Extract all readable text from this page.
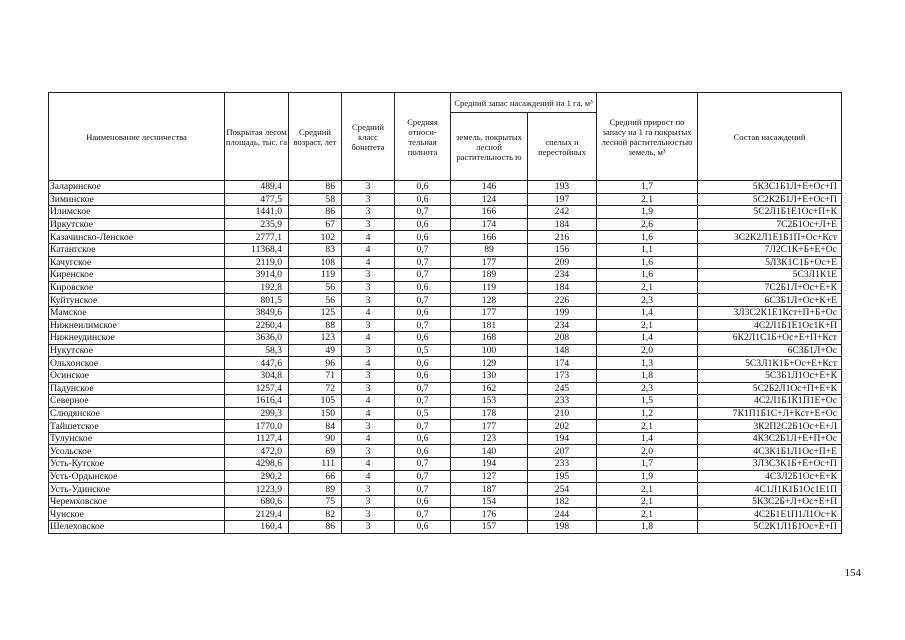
Наименование лесничества	Покрытая лесом площадь, тыс. га	Средний возраст, лет	Средний класс бонитета	Средняя относи-тельная полнота	Средний запас насаждений на 1 га, м³		Средний прирост по запасу на 1 га покрытых лесной растительностью земель, м³	Состав насаждений
					земель, покрытых лесной растительность ю	спелых и перестойных		
Заларинское	489,4	86	3	0,6	146	193	1,7	5К3С1Б1Л+Е+Ос+П
Зиминское	477,5	58	3	0,6	124	197	2,1	5С2К2Б1Л+Е+Ос+П
Илимское	1441,0	86	3	0,7	166	242	1,9	5С2Л1Б1Е1Ос+П+К
Иркутское	235,9	67	3	0,6	174	184	2,6	7С2Б1Ос+Л+Е
Казачинско-Ленское	2777,1	102	4	0,6	166	216	1,6	3С2К2Л1Е1Б1П+Ос+Кст
Катангское	11368,4	83	4	0,7	89	156	1,1	7Л2С1К+Б+Е+Ос
Качугское	2119,0	108	4	0,7	177	209	1,6	5Л3К1С1Б+Ос+Е
Киренское	3914,0	119	3	0,7	189	234	1,6	5С3Л1К1Е
Кировское	192,8	56	3	0,6	119	184	2,1	7С2Б1Л+Ос+Е+К
Куйтунское	801,5	56	3	0,7	128	226	2,3	6С3Б1Л+Ос+К+Е
Мамское	3849,6	125	4	0,6	177	199	1,4	3Л3С2К1Е1Кст+П+Б+Ос
Нижнеилимское	2260,4	88	3	0,7	181	234	2,1	4С2Л1Б1Е1Ос1К+П
Нижнеудинское	3636,0	123	4	0,6	168	208	1,4	6К2Л1С1Б+Ос+Е+П+Кст
Нукутское	58,3	49	3	0,5	100	148	2,0	6С3Б1Л+Ос
Ольхонское	447,6	96	4	0,6	129	174	1,3	5С3Л1К1Б+Ос+Е+Кст
Осинское	304,8	71	3	0,6	130	173	1,8	5С3Б1Л1Ос+Е+К
Падунское	1257,4	72	3	0,7	162	245	2,3	5С2Б2Л1Ос+П+Е+К
Северное	1616,4	105	4	0,7	153	233	1,5	4С2Л1Б1К1П1Е+Ос
Слюдянское	299,3	150	4	0,5	178	210	1,2	7К1П1Б1С+Л+Кст+Е+Ос
Тайшетское	1770,0	84	3	0,7	177	202	2,1	3К2П2С2Б1Ос+Е+Л
Тулунское	1127,4	90	4	0,6	123	194	1,4	4К3С2Б1Л+Е+П+Ос
Усольское	472,0	69	3	0,6	140	207	2,0	4С3К1Б1Л1Ос+П+Е
Усть-Кутское	4298,6	111	4	0,7	194	233	1,7	3Л3С3К1Б+Е+Ос+П
Усть-Ордынское	290,2	66	4	0,7	127	195	1,9	4С3Л2Б1Ос+Е+К
Усть-Удинское	1223,9	89	3	0,7	187	254	2,1	4С1Л1К1Б1Ос1Е1П
Черемховское	680,6	75	3	0,6	154	182	2,1	5К3С2Б+Л+Ос+Е+П
Чунское	2129,4	82	3	0,7	176	244	2,1	4С2Б1Е1П1Л1Ос+К
Шелеховское	160,4	86	3	0,6	157	198	1,8	5С2К1Л1Б1Ос+Е+П
154
